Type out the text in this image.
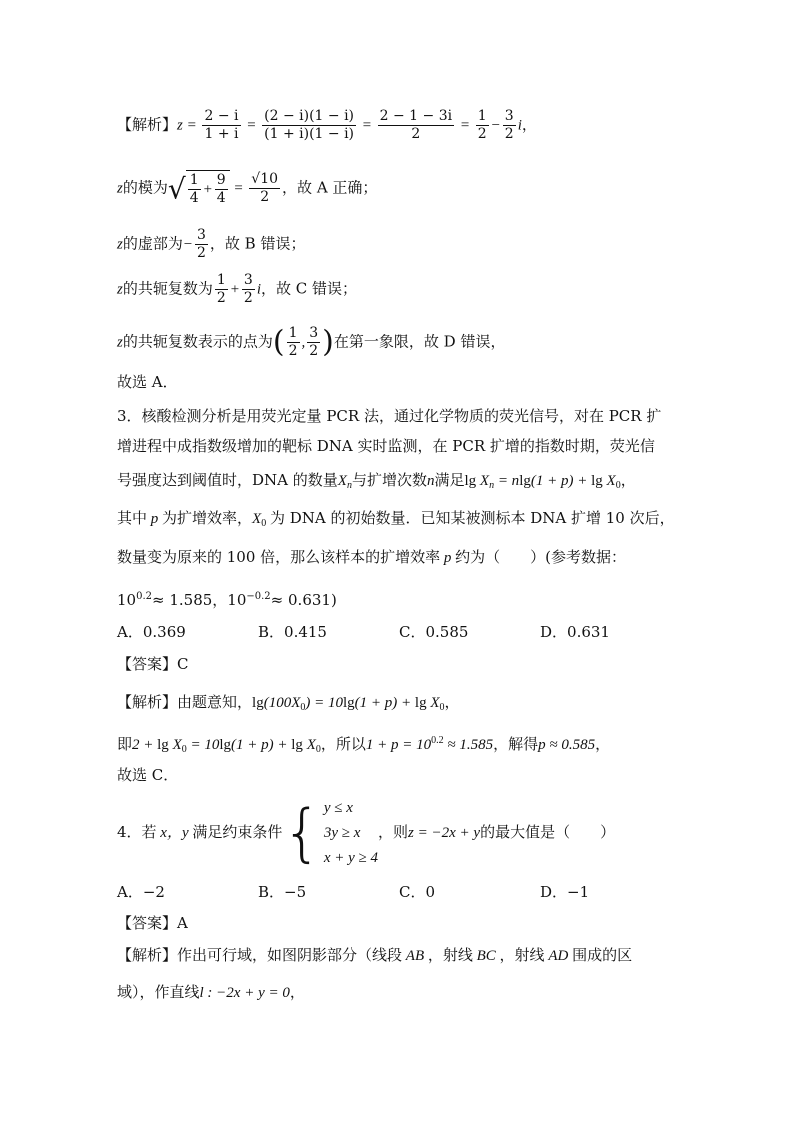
【解析】$z = \frac{2 - i}{1 + i} = \frac{(2 - i)(1 - i)}{(1 + i)(1 - i)} = \frac{2 - 1 - 3i}{2} = \frac{1}{2} - \frac{3}{2}$ i，
z的模为√ $\frac{1}{4} + \frac{9}{4} = \frac{√10}{2}$ ，故 A 正确；
z的虚部为− $\frac{3}{2}$ ，故 B 错误；
z的共轭复数为 $\frac{1}{2} + \frac{3}{2}$ i，故 C 错误；
z的共轭复数表示的点为( $\frac{1}{2}$ , $\frac{3}{2}$ )在第一象限，故 D 错误，
故选 A．
3．核酸检测分析是用荧光定量 PCR 法，通过化学物质的荧光信号，对在 PCR 扩
增进程中成指数级增加的靶标 DNA 实时监测，在 PCR 扩增的指数时期，荧光信
号强度达到阈值时，DNA 的数量$X_n$与扩增次数n满足$\lg X_n = nlg(1 + p) + \lg X_0$，
其中 p 为扩增效率，$X_0$ 为 DNA 的初始数量．已知某被测标本 DNA 扩增 10 次后，
数量变为原来的 100 倍，那么该样本的扩增效率 p 约为（　　）(参考数据：
$10^{0.2}\approx 1.585$，$10^{-0.2}\approx 0.631$)
A．0.369	B．0.415	C．0.585	D．0.631
【答案】C
【解析】由题意知，$\lg(100X_0) = 10\lg(1 + p) + \lg X_0$，
即$2 + \lg X_0 = 10\lg(1 + p) + \lg X_0$，所以$1 + p = 10^{0.2} \approx 1.585$，解得p ≈ 0.585，
故选 C．
4．若 x，y 满足约束条件{ y ≤ x
3y ≥ x
x + y ≥ 4
，则z = −2x + y的最大值是（　　）
A．−2	B．−5	C．0	D．−1
【答案】A
【解析】作出可行域，如图阴影部分（线段 AB ，射线 BC ，射线 AD 围成的区
域），作直线l : −2x + y = 0，
